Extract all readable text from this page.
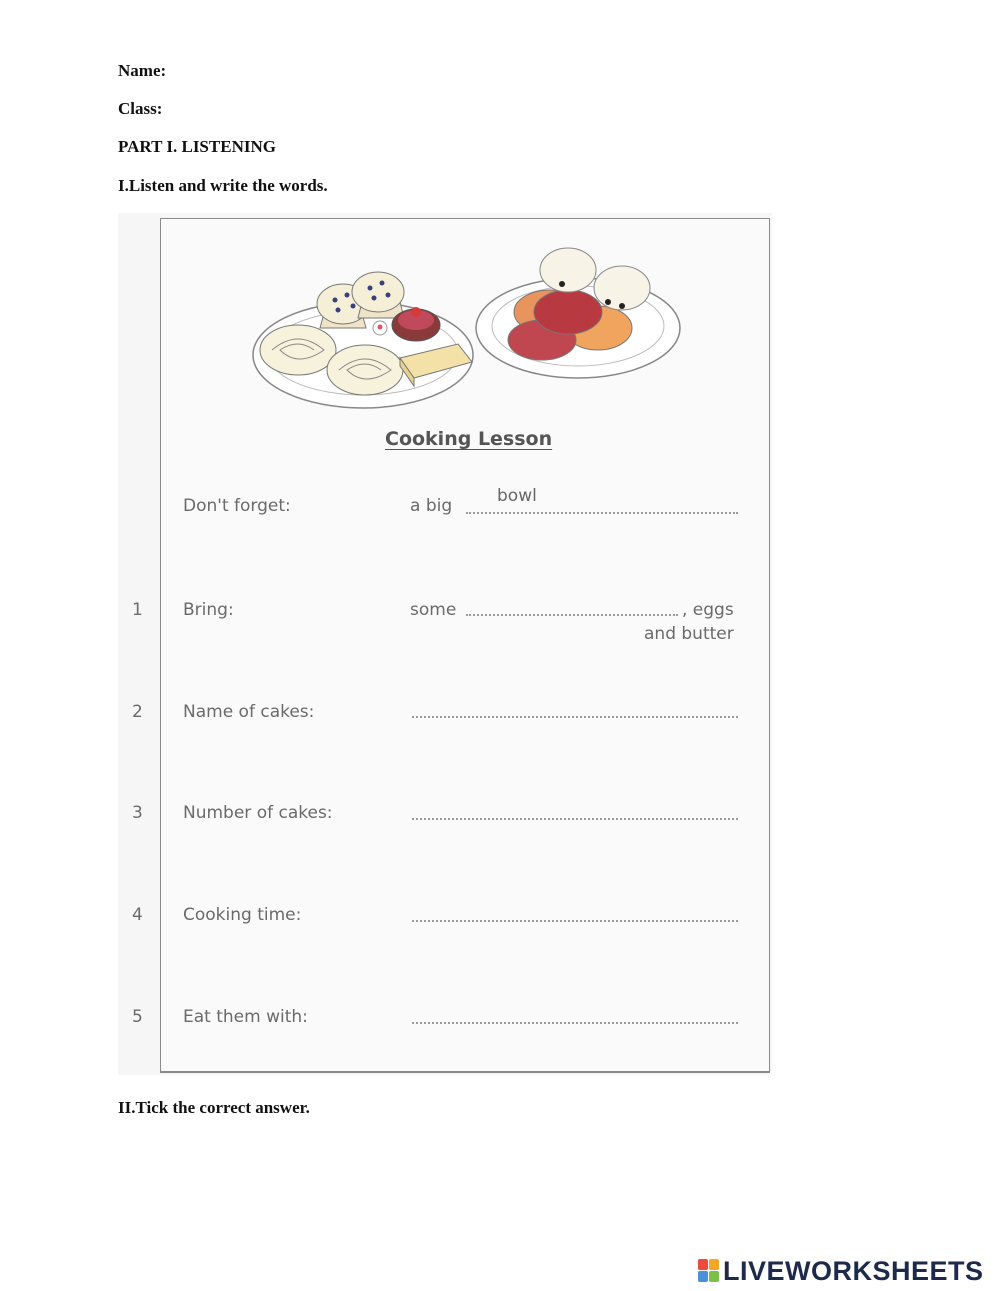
Name:

Class:

PART I. LISTENING

I.Listen and write the words.

Cooking Lesson
Don't forget:	a big	bowl
1 Bring:	some	, eggs
and butter
2 Name of cakes:
3 Number of cakes:
4 Cooking time:
5 Eat them with:

II.Tick the correct answer.

LIVEWORKSHEETS
